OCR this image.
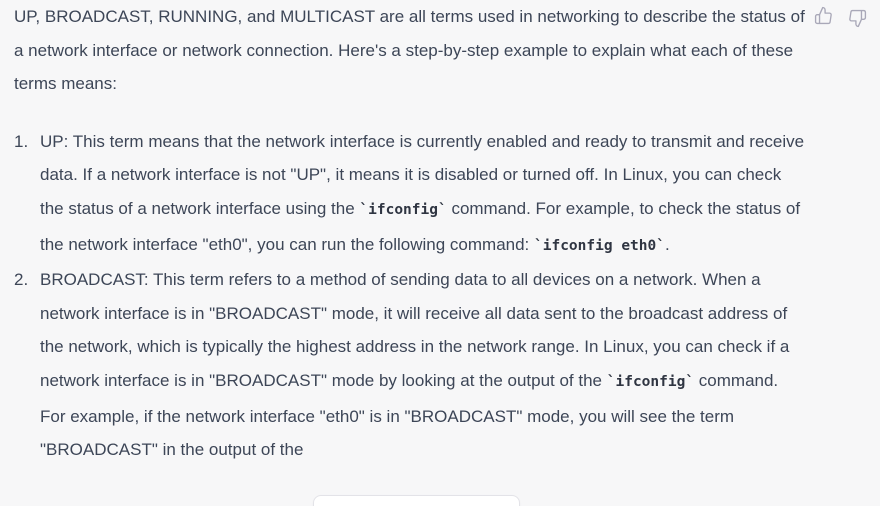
UP, BROADCAST, RUNNING, and MULTICAST are all terms used in networking to describe the status of a network interface or network connection. Here's a step-by-step example to explain what each of these terms means:

1. UP: This term means that the network interface is currently enabled and ready to transmit and receive data. If a network interface is not "UP", it means it is disabled or turned off. In Linux, you can check the status of a network interface using the `ifconfig` command. For example, to check the status of the network interface "eth0", you can run the following command: `ifconfig eth0`.
2. BROADCAST: This term refers to a method of sending data to all devices on a network. When a network interface is in "BROADCAST" mode, it will receive all data sent to the broadcast address of the network, which is typically the highest address in the network range. In Linux, you can check if a network interface is in "BROADCAST" mode by looking at the output of the `ifconfig` command. For example, if the network interface "eth0" is in "BROADCAST" mode, you will see the term "BROADCAST" in the output of the
